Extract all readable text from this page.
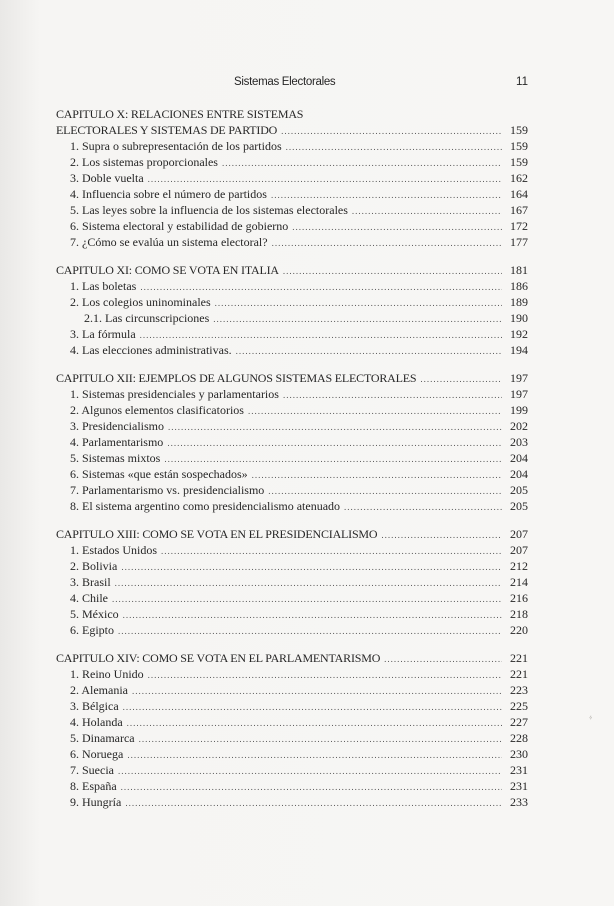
Sistemas Electorales	11
CAPITULO X: RELACIONES ENTRE SISTEMAS
ELECTORALES Y SISTEMAS DE PARTIDO .....	159
1. Supra o subrepresentación de los partidos .....	159
2. Los sistemas proporcionales .....	159
3. Doble vuelta .....	162
4. Influencia sobre el número de partidos .....	164
5. Las leyes sobre la influencia de los sistemas electorales .....	167
6. Sistema electoral y estabilidad de gobierno .....	172
7. ¿Cómo se evalúa un sistema electoral? .....	177
CAPITULO XI: COMO SE VOTA EN ITALIA .....	181
1. Las boletas .....	186
2. Los colegios uninominales .....	189
2.1. Las circunscripciones .....	190
3. La fórmula .....	192
4. Las elecciones administrativas. .....	194
CAPITULO XII: EJEMPLOS DE ALGUNOS SISTEMAS ELECTORALES .....	197
1. Sistemas presidenciales y parlamentarios .....	197
2. Algunos elementos clasificatorios .....	199
3. Presidencialismo .....	202
4. Parlamentarismo .....	203
5. Sistemas mixtos .....	204
6. Sistemas «que están sospechados» .....	204
7. Parlamentarismo vs. presidencialismo .....	205
8. El sistema argentino como presidencialismo atenuado .....	205
CAPITULO XIII: COMO SE VOTA EN EL PRESIDENCIALISMO .....	207
1. Estados Unidos .....	207
2. Bolivia .....	212
3. Brasil .....	214
4. Chile .....	216
5. México .....	218
6. Egipto .....	220
CAPITULO XIV: COMO SE VOTA EN EL PARLAMENTARISMO .....	221
1. Reino Unido .....	221
2. Alemania .....	223
3. Bélgica .....	225
4. Holanda .....	227
5. Dinamarca .....	228
6. Noruega .....	230
7. Suecia .....	231
8. España .....	231
9. Hungría .....	233
⸗
